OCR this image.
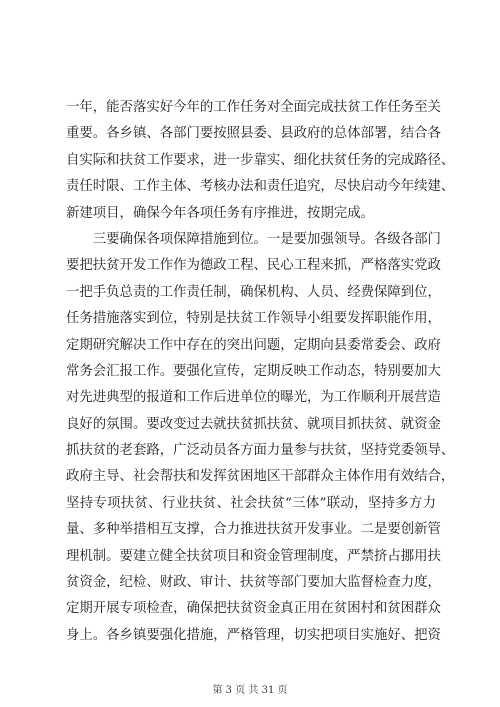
一年，能否落实好今年的工作任务对全面完成扶贫工作任务至关
重要。各乡镇、各部门要按照县委、县政府的总体部署，结合各
自实际和扶贫工作要求，进一步靠实、细化扶贫任务的完成路径、
责任时限、工作主体、考核办法和责任追究，尽快启动今年续建、
新建项目，确保今年各项任务有序推进，按期完成。
　　三要确保各项保障措施到位。一是要加强领导。各级各部门
要把扶贫开发工作作为德政工程、民心工程来抓，严格落实党政
一把手负总责的工作责任制，确保机构、人员、经费保障到位，
任务措施落实到位，特别是扶贫工作领导小组要发挥职能作用，
定期研究解决工作中存在的突出问题，定期向县委常委会、政府
常务会汇报工作。要强化宣传，定期反映工作动态，特别要加大
对先进典型的报道和工作后进单位的曝光，为工作顺利开展营造
良好的氛围。要改变过去就扶贫抓扶贫、就项目抓扶贫、就资金
抓扶贫的老套路，广泛动员各方面力量参与扶贫，坚持党委领导、
政府主导、社会帮扶和发挥贫困地区干部群众主体作用有效结合，
坚持专项扶贫、行业扶贫、社会扶贫“三体”联动，坚持多方力
量、多种举措相互支撑，合力推进扶贫开发事业。二是要创新管
理机制。要建立健全扶贫项目和资金管理制度，严禁挤占挪用扶
贫资金，纪检、财政、审计、扶贫等部门要加大监督检查力度，
定期开展专项检查，确保把扶贫资金真正用在贫困村和贫困群众
身上。各乡镇要强化措施，严格管理，切实把项目实施好、把资
第 3 页 共 31 页
